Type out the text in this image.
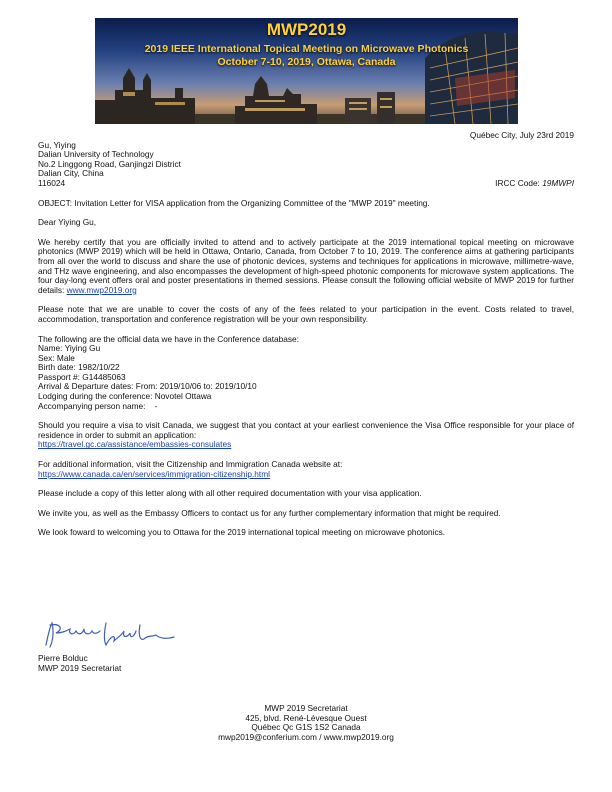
MWP2019
2019 IEEE International Topical Meeting on Microwave Photonics
October 7-10, 2019, Ottawa, Canada

Québec City, July 23rd 2019

Gu, Yiying

Dalian University of Technology

No.2 Linggong Road, Ganjingzi District

Dalian City, China

116024	IRCC Code: 19MWPI

OBJECT: Invitation Letter for VISA application from the Organizing Committee of the "MWP 2019" meeting.

Dear Yiying Gu,

We hereby certify that you are officially invited to attend and to actively participate at the 2019 international topical meeting on microwave photonics (MWP 2019) which will be held in Ottawa, Ontario, Canada, from October 7 to 10, 2019. The conference aims at gathering participants from all over the world to discuss and share the use of photonic devices, systems and techniques for applications in microwave, millimetre-wave, and THz wave engineering, and also encompasses the development of high-speed photonic components for microwave system applications. The four day-long event offers oral and poster presentations in themed sessions. Please consult the following official website of MWP 2019 for further details: www.mwp2019.org

Please note that we are unable to cover the costs of any of the fees related to your participation in the event. Costs related to travel, accommodation, transportation and conference registration will be your own responsibility.

The following are the official data we have in the Conference database:

Name: Yiying Gu

Sex: Male

Birth date: 1982/10/22

Passport #: G14485063

Arrival & Departure dates: From: 2019/10/06 to: 2019/10/10

Lodging during the conference: Novotel Ottawa

Accompanying person name:    -

Should you require a visa to visit Canada, we suggest that you contact at your earliest convenience the Visa Office responsible for your place of residence in order to submit an application:

https://travel.gc.ca/assistance/embassies-consulates

For additional information, visit the Citizenship and Immigration Canada website at:

https://www.canada.ca/en/services/immigration-citizenship.html

Please include a copy of this letter along with all other required documentation with your visa application.

We invite you, as well as the Embassy Officers to contact us for any further complementary information that might be required.

We look foward to welcoming you to Ottawa for the 2019 international topical meeting on microwave photonics.

Pierre Bolduc

MWP 2019 Secretariat

MWP 2019 Secretariat

425, blvd. René-Lévesque Ouest

Québec Qc G1S 1S2 Canada

mwp2019@conferium.com / www.mwp2019.org
